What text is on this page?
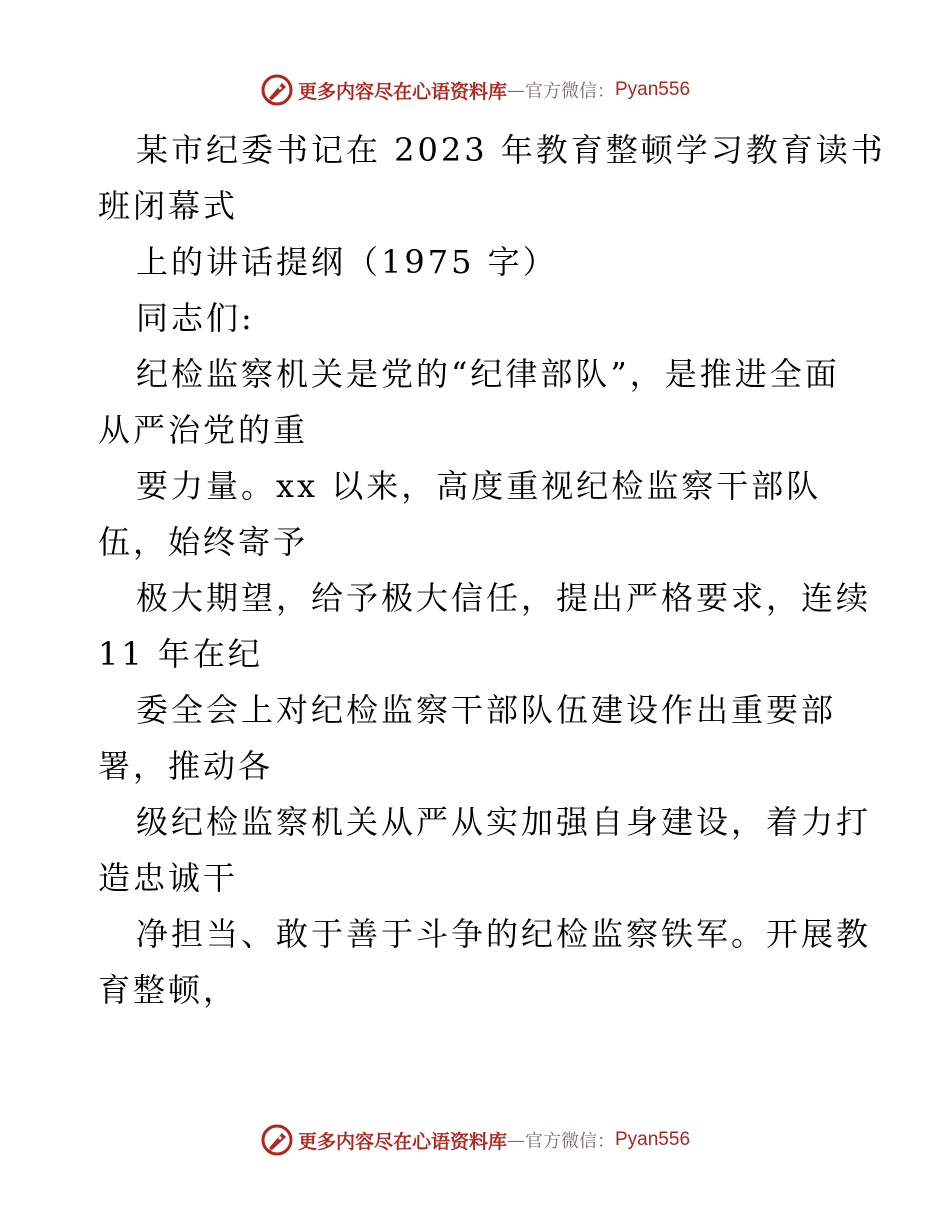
更多内容尽在心语资料库 — 官方微信： Pyan556
某市纪委书记在 2023 年教育整顿学习教育读书
班闭幕式
上的讲话提纲（1975 字）
同志们:
纪检监察机关是党的“纪律部队”，是推进全面
从严治党的重
要力量。xx 以来，高度重视纪检监察干部队
伍，始终寄予
极大期望，给予极大信任，提出严格要求，连续
11 年在纪
委全会上对纪检监察干部队伍建设作出重要部
署，推动各
级纪检监察机关从严从实加强自身建设，着力打
造忠诚干
净担当、敢于善于斗争的纪检监察铁军。开展教
育整顿，
更多内容尽在心语资料库 — 官方微信： Pyan556
